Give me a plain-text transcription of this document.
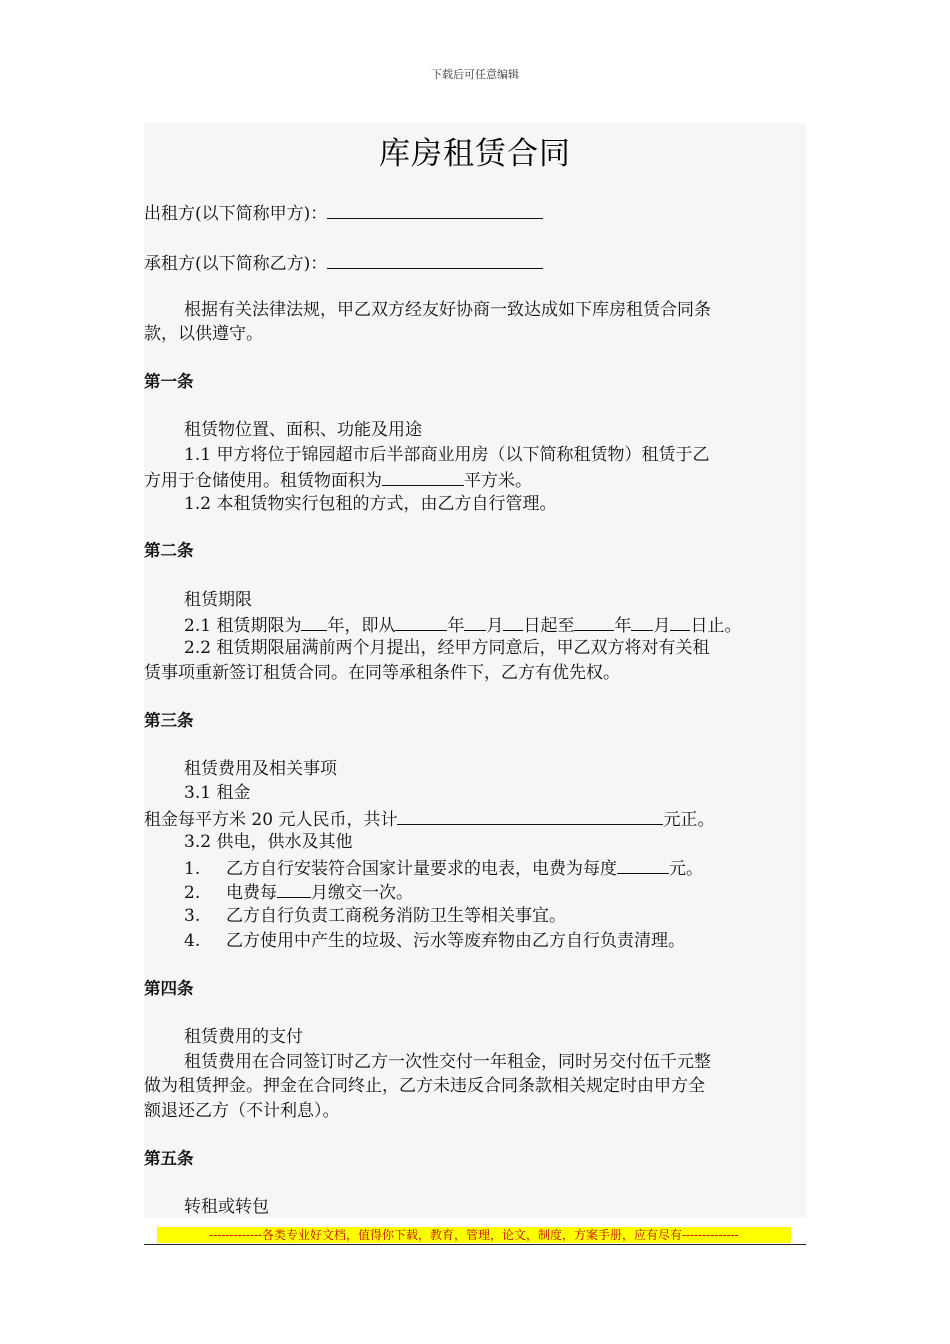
下载后可任意编辑
库房租赁合同
出租方(以下简称甲方)：
承租方(以下简称乙方)：
根据有关法律法规，甲乙双方经友好协商一致达成如下库房租赁合同条
款，以供遵守。
第一条
租赁物位置、面积、功能及用途
1.1 甲方将位于锦园超市后半部商业用房（以下简称租赁物）租赁于乙
方用于仓储使用。租赁物面积为	平方米。
1.2 本租赁物实行包租的方式，由乙方自行管理。
第二条
租赁期限
2.1 租赁期限为 年，即从	年 月 日起至 年 月 日止。
2.2 租赁期限届满前两个月提出，经甲方同意后，甲乙双方将对有关租
赁事项重新签订租赁合同。在同等承租条件下，乙方有优先权。
第三条
租赁费用及相关事项
3.1 租金
租金每平方米 20 元人民币，共计	元正。
3.2 供电，供水及其他
1. 乙方自行安装符合国家计量要求的电表，电费为每度	元。
2. 电费每 月缴交一次。
3. 乙方自行负责工商税务消防卫生等相关事宜。
4. 乙方使用中产生的垃圾、污水等废弃物由乙方自行负责清理。
第四条
租赁费用的支付
租赁费用在合同签订时乙方一次性交付一年租金，同时另交付伍千元整
做为租赁押金。押金在合同终止，乙方未违反合同条款相关规定时由甲方全
额退还乙方（不计利息）。
第五条
转租或转包
-------------各类专业好文档，值得你下载，教育，管理，论文，制度，方案手册，应有尽有--------------
